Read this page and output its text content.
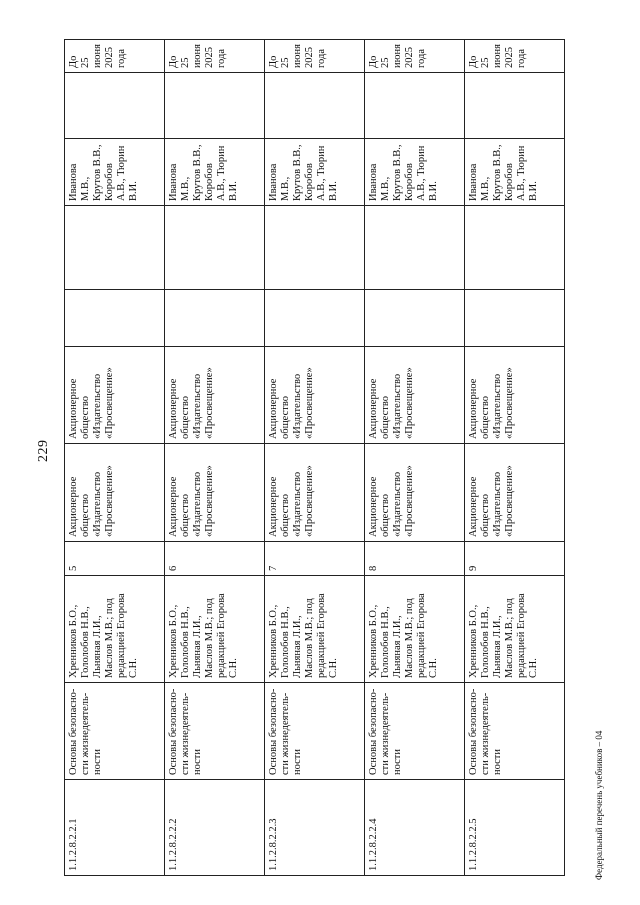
229
1.1.2.8.2.2.1	Основы безопасно-сти жизнедеятель-ности	Хренников Б.О., Гололобов Н.В., Льняная Л.И., Маслов М.В.; под редакцией Егорова С.Н.	5	Акционерное общество «Издательство «Просвещение»	Акционерное общество «Издательство «Просвещение»			Иванова М.В., Крутов В.В., Коробов А.В., Тюрин В.И.		До 25 июня 2025 года
1.1.2.8.2.2.2	Основы безопасно-сти жизнедеятель-ности	Хренников Б.О., Гололобов Н.В., Льняная Л.И., Маслов М.В.; под редакцией Егорова С.Н.	6	Акционерное общество «Издательство «Просвещение»	Акционерное общество «Издательство «Просвещение»			Иванова М.В., Крутов В.В., Коробов А.В., Тюрин В.И.		До 25 июня 2025 года
1.1.2.8.2.2.3	Основы безопасно-сти жизнедеятель-ности	Хренников Б.О., Гололобов Н.В., Льняная Л.И., Маслов М.В.; под редакцией Егорова С.Н.	7	Акционерное общество «Издательство «Просвещение»	Акционерное общество «Издательство «Просвещение»			Иванова М.В., Крутов В.В., Коробов А.В., Тюрин В.И.		До 25 июня 2025 года
1.1.2.8.2.2.4	Основы безопасно-сти жизнедеятель-ности	Хренников Б.О., Гололобов Н.В., Льняная Л.И., Маслов М.В.; под редакцией Егорова С.Н.	8	Акционерное общество «Издательство «Просвещение»	Акционерное общество «Издательство «Просвещение»			Иванова М.В., Крутов В.В., Коробов А.В., Тюрин В.И.		До 25 июня 2025 года
1.1.2.8.2.2.5	Основы безопасно-сти жизнедеятель-ности	Хренников Б.О., Гололобов Н.В., Льняная Л.И., Маслов М.В.; под редакцией Егорова С.Н.	9	Акционерное общество «Издательство «Просвещение»	Акционерное общество «Издательство «Просвещение»			Иванова М.В., Крутов В.В., Коробов А.В., Тюрин В.И.		До 25 июня 2025 года
Федеральный перечень учебников – 04
